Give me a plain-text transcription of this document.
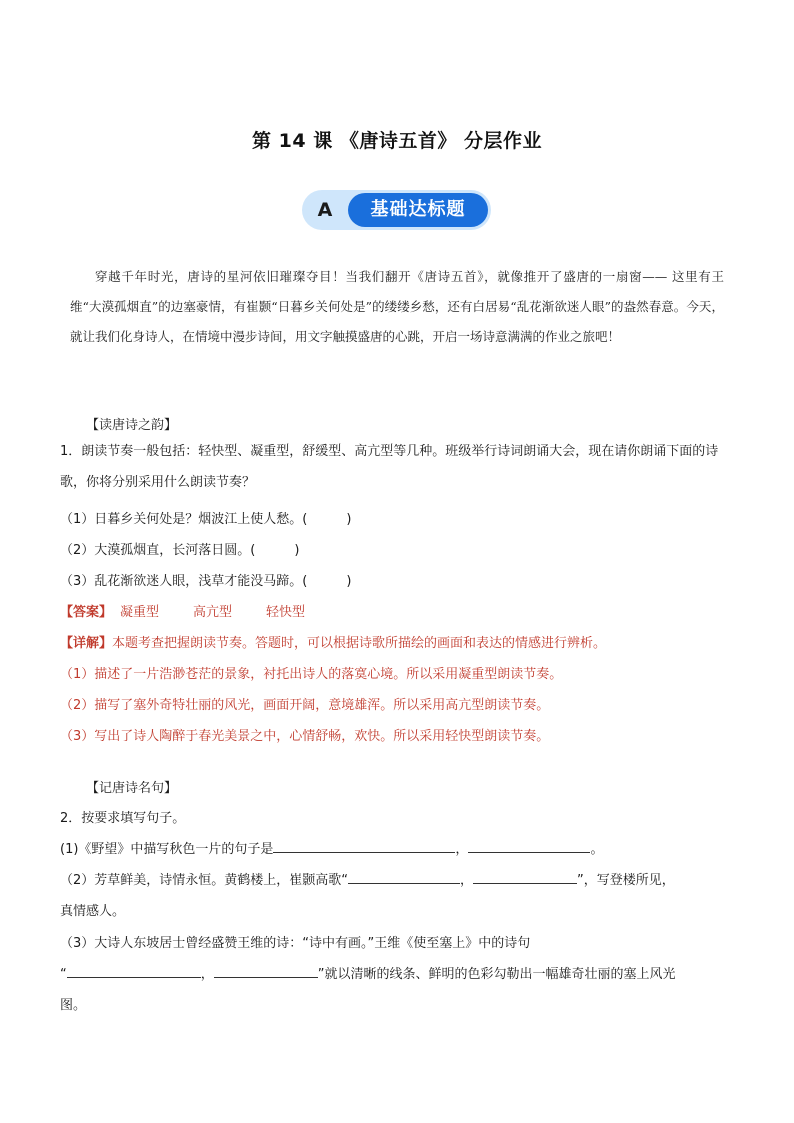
第 14 课 《唐诗五首》 分层作业
A	基础达标题
穿越千年时光，唐诗的星河依旧璀璨夺目！当我们翻开《唐诗五首》，就像推开了盛唐的一扇窗—— 这里有王维“大漠孤烟直”的边塞豪情，有崔颢“日暮乡关何处是”的缕缕乡愁，还有白居易“乱花渐欲迷人眼”的盎然春意。今天，就让我们化身诗人，在情境中漫步诗间，用文字触摸盛唐的心跳，开启一场诗意满满的作业之旅吧！
【读唐诗之韵】
1．朗读节奏一般包括：轻快型、凝重型，舒缓型、高亢型等几种。班级举行诗词朗诵大会，现在请你朗诵下面的诗歌，你将分别采用什么朗读节奏？
（1）日暮乡关何处是？烟波江上使人愁。(　　　)
（2）大漠孤烟直，长河落日圆。(　　　)
（3）乱花渐欲迷人眼，浅草才能没马蹄。(　　　)
【答案】 凝重型	高亢型	轻快型
【详解】本题考查把握朗读节奏。答题时，可以根据诗歌所描绘的画面和表达的情感进行辨析。
（1）描述了一片浩渺苍茫的景象，衬托出诗人的落寞心境。所以采用凝重型朗读节奏。
（2）描写了塞外奇特壮丽的风光，画面开阔，意境雄浑。所以采用高亢型朗读节奏。
（3）写出了诗人陶醉于春光美景之中，心情舒畅，欢快。所以采用轻快型朗读节奏。
【记唐诗名句】
2．按要求填写句子。
(1)《野望》中描写秋色一片的句子是	，	。
（2）芳草鲜美，诗情永恒。黄鹤楼上，崔颢高歌“	，	”，写登楼所见，
真情感人。
（3）大诗人东坡居士曾经盛赞王维的诗：“诗中有画。”王维《使至塞上》中的诗句
“	，	”就以清晰的线条、鲜明的色彩勾勒出一幅雄奇壮丽的塞上风光
图。
